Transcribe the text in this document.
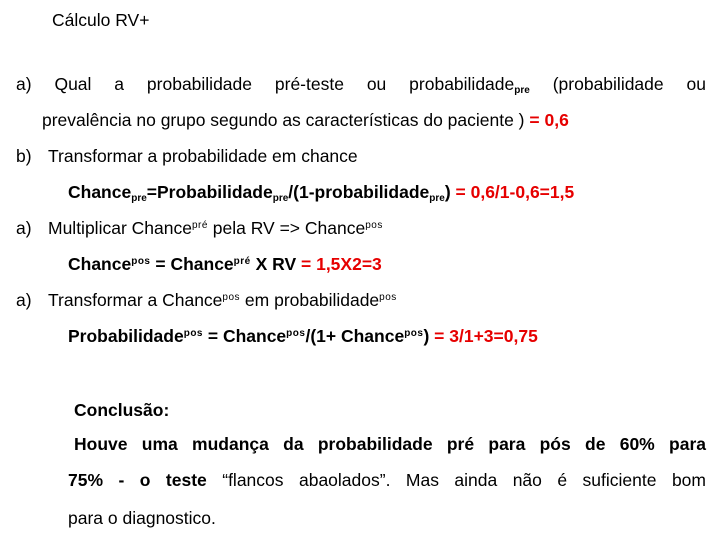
Cálculo RV+
a) Qual a probabilidade pré-teste ou probabilidade$_{pre}$ (probabilidade ou
prevalência no grupo segundo as características do paciente ) = 0,6
b) Transformar a probabilidade em chance
Chance$_{pre}$=Probabilidade$_{pre}$/(1-probabilidade$_{pre}$) = 0,6/1-0,6=1,5
a) Multiplicar Chance$^{pré}$ pela RV => Chance$^{pos}$
Chance$^{pos}$ = Chance$^{pré}$ X RV = 1,5X2=3
a) Transformar a Chance$^{pos}$ em probabilidade$^{pos}$
Probabilidade$^{pos}$ = Chance$^{pos}$/(1+ Chance$^{pos}$) = 3/1+3=0,75
Conclusão:
Houve uma mudança da probabilidade pré para pós de 60% para
75% - o teste “flancos abaolados”. Mas ainda não é suficiente bom
para o diagnostico.
